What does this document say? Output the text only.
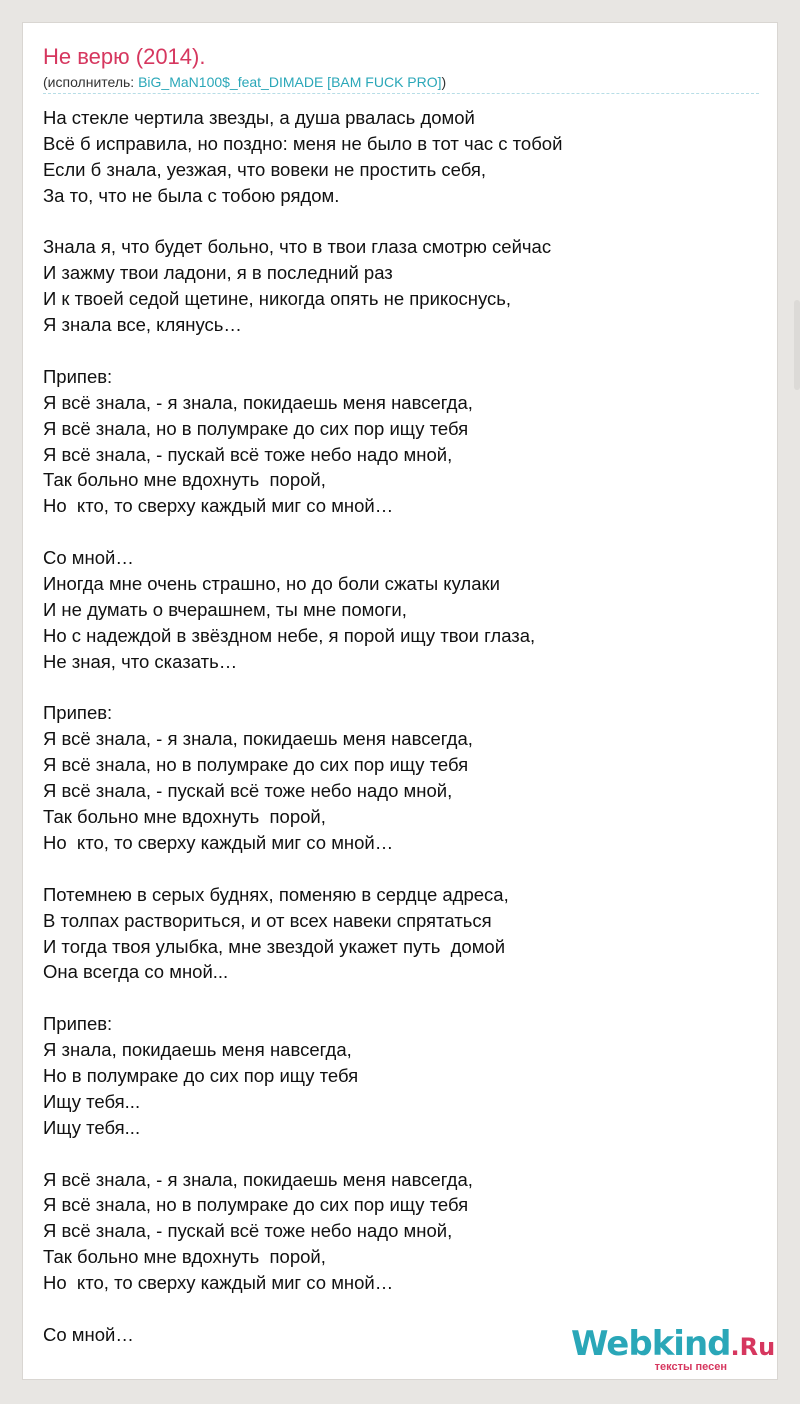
Не верю (2014).
(исполнитель: BiG_MaN100$_feat_DIMADE [BAM FUCK PRO])
На стекле чертила звезды, а душа рвалась домой
Всё б исправила, но поздно: меня не было в тот час с тобой
Если б знала, уезжая, что вовеки не простить себя,
За то, что не была с тобою рядом.
Знала я, что будет больно, что в твои глаза смотрю сейчас
И зажму твои ладони, я в последний раз
И к твоей седой щетине, никогда опять не прикоснусь,
Я знала все, клянусь…
Припев:
Я всё знала, - я знала, покидаешь меня навсегда,
Я всё знала, но в полумраке до сих пор ищу тебя
Я всё знала, - пускай всё тоже небо надо мной,
Так больно мне вдохнуть  порой,
Но  кто, то сверху каждый миг со мной…
Со мной…
Иногда мне очень страшно, но до боли сжаты кулаки
И не думать о вчерашнем, ты мне помоги,
Но с надеждой в звёздном небе, я порой ищу твои глаза,
Не зная, что сказать…
Припев:
Я всё знала, - я знала, покидаешь меня навсегда,
Я всё знала, но в полумраке до сих пор ищу тебя
Я всё знала, - пускай всё тоже небо надо мной,
Так больно мне вдохнуть  порой,
Но  кто, то сверху каждый миг со мной…
Потемнею в серых буднях, поменяю в сердце адреса,
В толпах раствориться, и от всех навеки спрятаться
И тогда твоя улыбка, мне звездой укажет путь  домой
Она всегда со мной...
Припев:
Я знала, покидаешь меня навсегда,
Но в полумраке до сих пор ищу тебя
Ищу тебя...
Ищу тебя...
Я всё знала, - я знала, покидаешь меня навсегда,
Я всё знала, но в полумраке до сих пор ищу тебя
Я всё знала, - пускай всё тоже небо надо мной,
Так больно мне вдохнуть  порой,
Но  кто, то сверху каждый миг со мной…
Со мной…	Webkind.Ru
тексты песен
